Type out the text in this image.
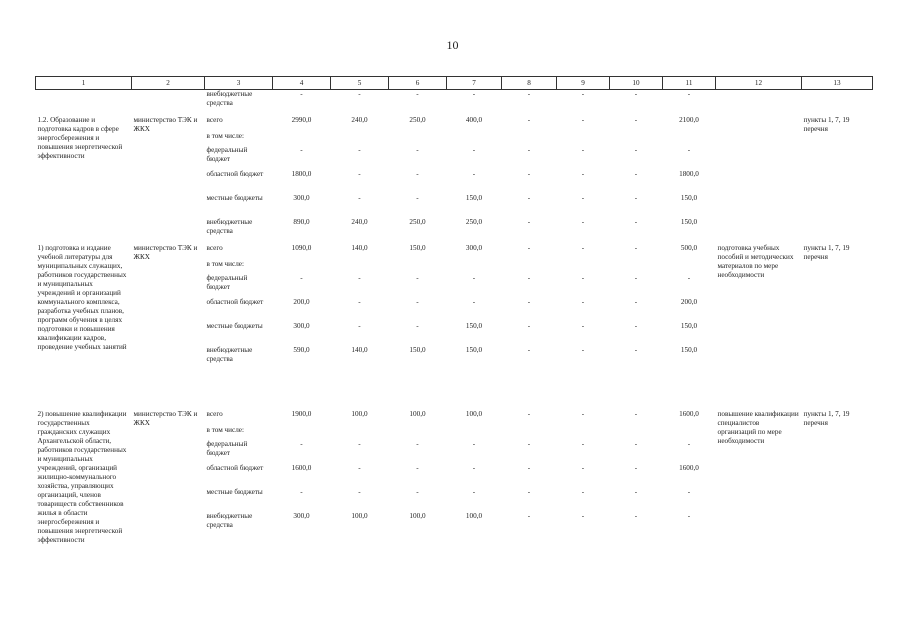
10
1	2	3	4	5	6	7	8	9	10	11	12	13
		внебюджетные средства	-	-	-	-	-	-	-	-		
1.2. Образование и подготовка кадров в сфере энергосбережения и повышения энергетической эффективности	министерство ТЭК и ЖКХ	всего	2990,0	240,0	250,0	400,0	-	-	-	2100,0		пункты 1, 7, 19 перечня
		в том числе:										
		федеральный бюджет	-	-	-	-	-	-	-	-		
		областной бюджет	1800,0	-	-	-	-	-	-	1800,0		
		местные бюджеты	300,0	-	-	150,0	-	-	-	150,0		
		внебюджетные средства	890,0	240,0	250,0	250,0	-	-	-	150,0		
1) подготовка и издание учебной литературы для муниципальных служащих, работников государственных и муниципальных учреждений и организаций коммунального комплекса, разработка учебных планов, программ обучения в целях подготовки и повышения квалификации кадров, проведение учебных занятий	министерство ТЭК и ЖКХ	всего	1090,0	140,0	150,0	300,0	-	-	-	500,0	подготовка учебных пособий и методических материалов по мере необходимости	пункты 1, 7, 19 перечня
		в том числе:										
		федеральный бюджет	-	-	-	-	-	-	-	-		
		областной бюджет	200,0	-	-	-	-	-	-	200,0		
		местные бюджеты	300,0	-	-	150,0	-	-	-	150,0		
		внебюджетные средства	590,0	140,0	150,0	150,0	-	-	-	150,0		
2) повышение квалификации государственных гражданских служащих Архангельской области, работников государственных и муниципальных учреждений, организаций жилищно-коммунального хозяйства, управляющих организаций, членов товариществ собственников жилья в области энергосбережения и повышения энергетической эффективности	министерство ТЭК и ЖКХ	всего	1900,0	100,0	100,0	100,0	-	-	-	1600,0	повышение квалификации специалистов организаций по мере необходимости	пункты 1, 7, 19 перечня
		в том числе:										
		федеральный бюджет	-	-	-	-	-	-	-	-		
		областной бюджет	1600,0	-	-	-	-	-	-	1600,0		
		местные бюджеты	-	-	-	-	-	-	-	-		
		внебюджетные средства	300,0	100,0	100,0	100,0	-	-	-	-		
